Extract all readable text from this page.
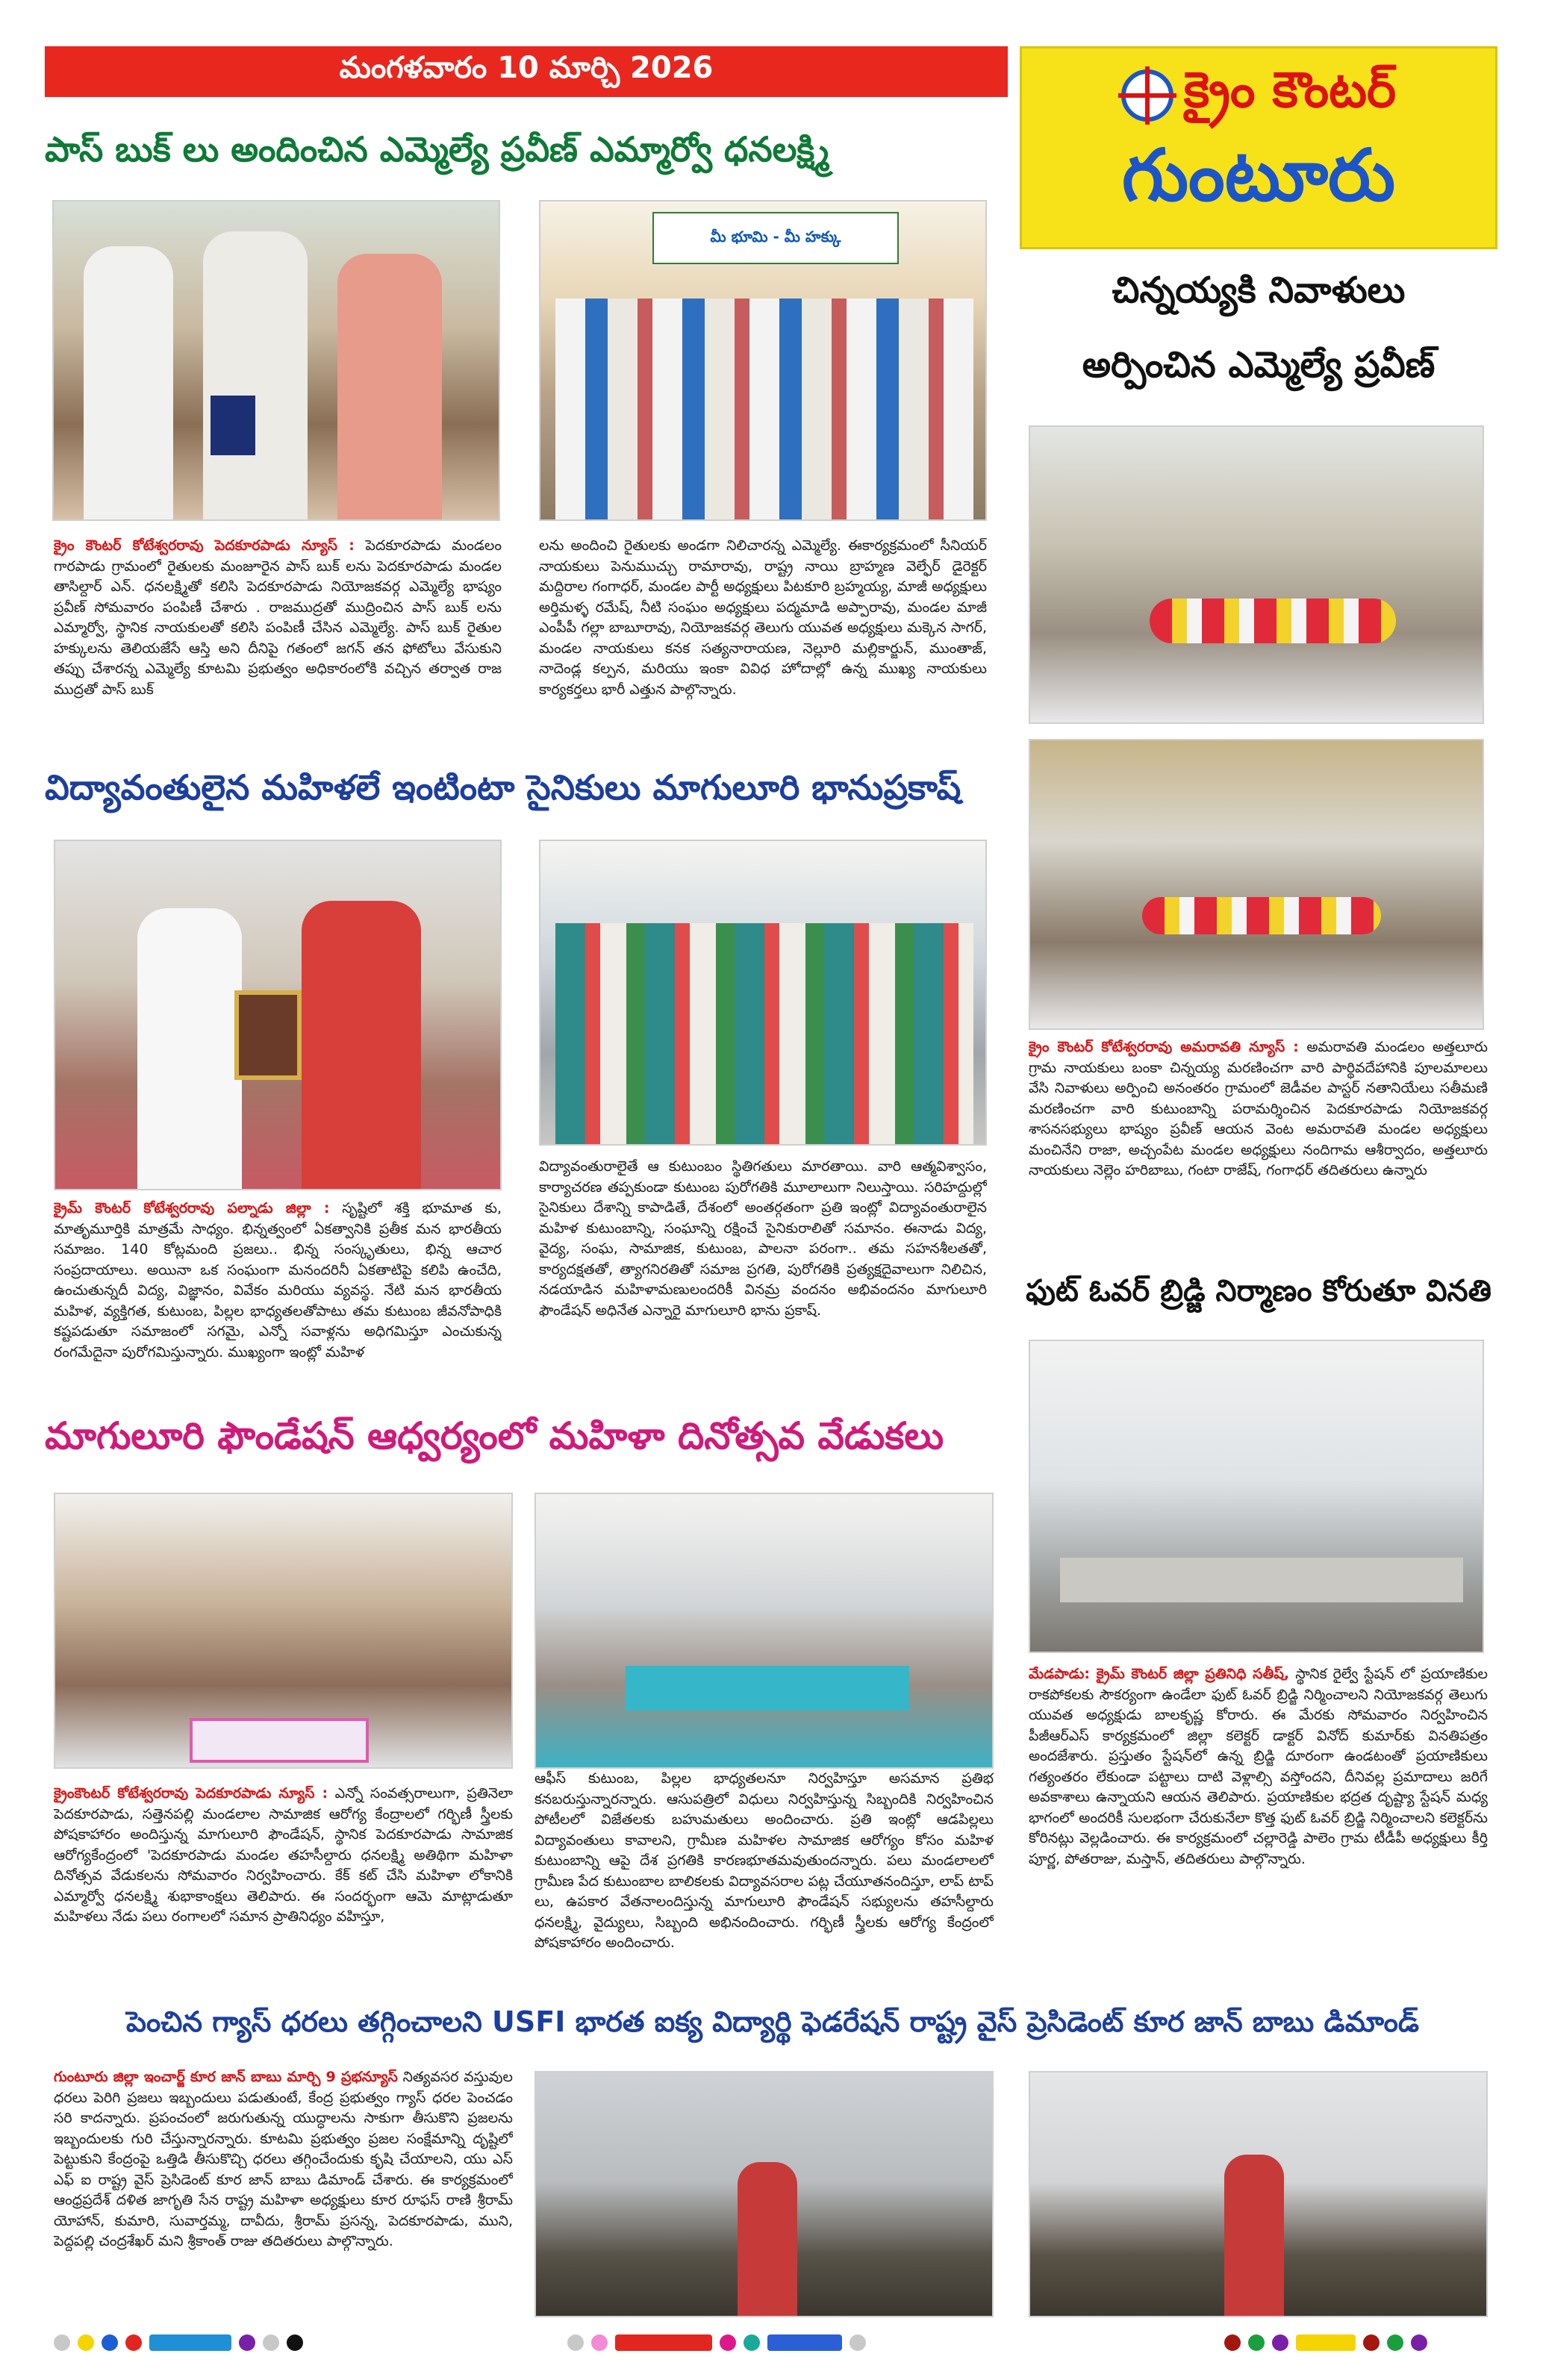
మంగళవారం 10 మార్చి 2026	క్రైం కౌంటర్
గుంటూరు
పాస్ బుక్ లు అందించిన ఎమ్మెల్యే ప్రవీణ్ ఎమ్మార్వో ధనలక్ష్మి
మీ భూమి - మీ హక్కు
క్రైం కౌంటర్ కోటేశ్వరరావు పెదకూరపాడు న్యూస్ : పెదకూరపాడు మండలం గారపాడు గ్రామంలో రైతులకు మంజూరైన పాస్ బుక్ లను పెదకూరపాడు మండల తాసిల్దార్ ఎన్. ధనలక్ష్మితో కలిసి పెదకూరపాడు నియోజకవర్గ ఎమ్మెల్యే భాష్యం ప్రవీణ్ సోమవారం పంపిణీ చేశారు . రాజముద్రతో ముద్రించిన పాస్ బుక్ లను ఎమ్మార్వో, స్థానిక నాయకులతో కలిసి పంపిణీ చేసిన ఎమ్మెల్యే. పాస్ బుక్ రైతుల హక్కులను తెలియజేసే ఆస్తి అని దీనిపై గతంలో జగన్ తన ఫోటోలు వేసుకుని తప్పు చేశారన్న ఎమ్మెల్యే కూటమి ప్రభుత్వం అధికారంలోకి వచ్చిన తర్వాత రాజ ముద్రతో పాస్ బుక్
లను అందించి రైతులకు అండగా నిలిచారన్న ఎమ్మెల్యే. ఈకార్యక్రమంలో సీనియర్ నాయకులు పెనుముచ్చు రామారావు, రాష్ట్ర నాయి బ్రాహ్మణ వెల్ఫేర్ డైరెక్టర్ మద్దిరాల గంగాధర్, మండల పార్టీ అధ్యక్షులు పిటకూరి బ్రహ్మయ్య, మాజీ అధ్యక్షులు అర్తిమళ్ళ రమేష్, నీటి సంఘం అధ్యక్షులు పద్మమాడి అప్పారావు, మండల మాజీ ఎంపీపీ గల్లా బాబూరావు, నియోజకవర్గ తెలుగు యువత అధ్యక్షులు మక్కెన సాగర్, మండల నాయకులు కనక సత్యనారాయణ, నెల్లూరి మల్లికార్జున్, ముంతాజ్, నాదెండ్ల కల్పన, మరియు ఇంకా వివిధ హోదాల్లో ఉన్న ముఖ్య నాయకులు కార్యకర్తలు భారీ ఎత్తున పాల్గొన్నారు.
చిన్నయ్యకి నివాళులు
అర్పించిన ఎమ్మెల్యే ప్రవీణ్
క్రైం కౌంటర్ కోటేశ్వరరావు అమరావతి న్యూస్ : అమరావతి మండలం అత్తలూరు గ్రామ నాయకులు బంకా చిన్నయ్య మరణించగా వారి పార్థివదేహానికి పూలమాలలు వేసి నివాళులు అర్పించి అనంతరం గ్రామంలో జెడీవల పాస్టర్ నతానియేలు సతీమణి మరణించగా వారి కుటుంబాన్ని పరామర్శించిన పెదకూరపాడు నియోజకవర్గ శాసనసభ్యులు భాష్యం ప్రవీణ్ ఆయన వెంట అమరావతి మండల అధ్యక్షులు మంచినేని రాజా, అచ్చంపేట మండల అధ్యక్షులు నందిగామ ఆశీర్వాదం, అత్తలూరు నాయకులు నెల్లెం హరిబాబు, గంటా రాజేష్, గంగాధర్ తదితరులు ఉన్నారు
విద్యావంతులైన మహిళలే ఇంటింటా సైనికులు మాగులూరి భానుప్రకాష్
క్రైమ్ కౌంటర్ కోటేశ్వరరావు పల్నాడు జిల్లా : సృష్టిలో శక్తి భూమాత కు, మాతృమూర్తికి మాత్రమే సాధ్యం. భిన్నత్వంలో ఏకత్వానికి ప్రతీక మన భారతీయ సమాజం. 140 కోట్లమంది ప్రజలు.. భిన్న సంస్కృతులు, భిన్న ఆచార సంప్రదాయాలు. అయినా ఒక సంఘంగా మనందరినీ ఏకతాటిపై కలిపి ఉంచేది, ఉంచుతున్నదీ విద్య, విజ్ఞానం, వివేకం మరియు వ్యవస్థ. నేటి మన భారతీయ మహిళ, వ్యక్తిగత, కుటుంబ, పిల్లల భాధ్యతలతోపాటు తమ కుటుంబ జీవనోపాధికి కష్టపడుతూ సమాజంలో సగమై, ఎన్నో సవాళ్లను అధిగమిస్తూ ఎంచుకున్న రంగమేదైనా పురోగమిస్తున్నారు. ముఖ్యంగా ఇంట్లో మహిళ
విద్యావంతురాలైతే ఆ కుటుంబం స్థితిగతులు మారతాయి. వారి ఆత్మవిశ్వాసం, కార్యాచరణ తప్పకుండా కుటుంబ పురోగతికి మూలాలుగా నిలుస్తాయి. సరిహద్దుల్లో సైనికులు దేశాన్ని కాపాడితే, దేశంలో అంతర్గతంగా ప్రతి ఇంట్లో విద్యావంతురాలైన మహిళ కుటుంబాన్ని, సంఘాన్ని రక్షించే సైనికురాలితో సమానం. ఈనాడు విద్య, వైద్య, సంఘ, సామాజిక, కుటుంబ, పాలనా పరంగా.. తమ సహనశీలతతో, కార్యదక్షతతో, త్యాగనిరతితో సమాజ ప్రగతి, పురోగతికి ప్రత్యక్షదైవాలుగా నిలిచిన, నడయాడిన మహిళామణులందరికీ వినమ్ర వందనం అభివందనం మాగులూరి ఫౌండేషన్ అధినేత ఎన్నారై మాగులూరి భాను ప్రకాష్.
ఫుట్ ఓవర్ బ్రిడ్జి నిర్మాణం కోరుతూ వినతి
మేడపాడు: క్రైమ్ కౌంటర్ జిల్లా ప్రతినిధి సతీష్, స్థానిక రైల్వే స్టేషన్ లో ప్రయాణికుల రాకపోకలకు సౌకర్యంగా ఉండేలా ఫుట్ ఓవర్ బ్రిడ్జి నిర్మించాలని నియోజకవర్గ తెలుగు యువత అధ్యక్షుడు బాలకృష్ణ కోరారు. ఈ మేరకు సోమవారం నిర్వహించిన పీజీఆర్ఎస్ కార్యక్రమంలో జిల్లా కలెక్టర్ డాక్టర్ వినోద్ కుమార్‌కు వినతిపత్రం అందజేశారు. ప్రస్తుతం స్టేషన్‌లో ఉన్న బ్రిడ్జి దూరంగా ఉండటంతో ప్రయాణికులు గత్యంతరం లేకుండా పట్టాలు దాటి వెళ్లాల్సి వస్తోందని, దీనివల్ల ప్రమాదాలు జరిగే అవకాశాలు ఉన్నాయని ఆయన తెలిపారు. ప్రయాణికుల భద్రత దృష్ట్యా స్టేషన్ మధ్య భాగంలో అందరికీ సులభంగా చేరుకునేలా కొత్త ఫుట్ ఓవర్ బ్రిడ్జి నిర్మించాలని కలెక్టర్‌ను కోరినట్లు వెల్లడించారు. ఈ కార్యక్రమంలో చల్లారెడ్డి పాలెం గ్రామ టీడీపీ అధ్యక్షులు కీర్తి పూర్ణ, పోతరాజు, మస్తాన్, తదితరులు పాల్గొన్నారు.
మాగులూరి ఫౌండేషన్ ఆధ్వర్యంలో మహిళా దినోత్సవ వేడుకలు
క్రైంకౌంటర్ కోటేశ్వరరావు పెదకూరపాడు న్యూస్ : ఎన్నో సంవత్సరాలుగా, ప్రతినెలా పెదకూరపాడు, సత్తెనపల్లి మండలాల సామాజిక ఆరోగ్య కేంద్రాలలో గర్భిణీ స్త్రీలకు పోషకాహారం అందిస్తున్న మాగులూరి ఫౌండేషన్, స్థానిక పెదకూరపాడు సామాజిక ఆరోగ్యకేంద్రంలో 'పెదకూరపాడు మండల తహసీల్దారు ధనలక్ష్మి అతిథిగా మహిళా దినోత్సవ వేడుకలను సోమవారం నిర్వహించారు. కేక్ కట్ చేసి మహిళా లోకానికి ఎమ్మార్వో ధనలక్ష్మి శుభాకాంక్షలు తెలిపారు. ఈ సందర్భంగా ఆమె మాట్లాడుతూ మహిళలు నేడు పలు రంగాలలో సమాన ప్రాతినిధ్యం వహిస్తూ,
ఆఫీస్ కుటుంబ, పిల్లల భాధ్యతలనూ నిర్వహిస్తూ అసమాన ప్రతిభ కనబరుస్తున్నారన్నారు. ఆసుపత్రిలో విధులు నిర్వహిస్తున్న సిబ్బందికి నిర్వహించిన పోటీలలో విజేతలకు బహుమతులు అందించారు. ప్రతి ఇంట్లో ఆడపిల్లలు విద్యావంతులు కావాలని, గ్రామీణ మహిళల సామాజిక ఆరోగ్యం కోసం మహిళ కుటుంబాన్ని ఆపై దేశ ప్రగతికి కారణభూతమవుతుందన్నారు. పలు మండలాలలో గ్రామీణ పేద కుటుంబాల బాలికలకు విద్యావసరాల పట్ల చేయూతనందిస్తూ, లాప్ టాప్ లు, ఉపకార వేతనాలందిస్తున్న మాగులూరి ఫౌండేషన్ సభ్యులను తహసీల్దారు ధనలక్ష్మి, వైద్యులు, సిబ్బంది అభినందించారు. గర్భిణీ స్త్రీలకు ఆరోగ్య కేంద్రంలో పోషకాహారం అందించారు.
పెంచిన గ్యాస్ ధరలు తగ్గించాలని USFI భారత ఐక్య విద్యార్థి ఫెడరేషన్ రాష్ట్ర వైస్ ప్రెసిడెంట్ కూర జాన్ బాబు డిమాండ్
గుంటూరు జిల్లా ఇంచార్జ్ కూర జాన్ బాబు మార్చి 9 ప్రభన్యూస్ నిత్యవసర వస్తువుల ధరలు పెరిగి ప్రజలు ఇబ్బందులు పడుతుంటే, కేంద్ర ప్రభుత్వం గ్యాస్ ధరల పెంచడం సరి కాదన్నారు. ప్రపంచంలో జరుగుతున్న యుద్ధాలను సాకుగా తీసుకొని ప్రజలను ఇబ్బందులకు గురి చేస్తున్నారన్నారు. కూటమి ప్రభుత్వం ప్రజల సంక్షేమాన్ని దృష్టిలో పెట్టుకుని కేంద్రంపై ఒత్తిడి తీసుకొచ్చి ధరలు తగ్గించేందుకు కృషి చేయాలని, యు ఎస్ ఎఫ్ ఐ రాష్ట్ర వైస్ ప్రెసిడెంట్ కూర జాన్ బాబు డిమాండ్ చేశారు. ఈ కార్యక్రమంలో ఆంధ్రప్రదేశ్ దళిత జాగృతి సేన రాష్ట్ర మహిళా అధ్యక్షులు కూర రూఫస్ రాణి శ్రీరామ్ యోహాన్, కుమారి, సువార్తమ్మ, దావీదు, శ్రీరామ్ ప్రసన్న, పెదకూరపాడు, ముని, పెద్దపల్లి చంద్రశేఖర్ మని శ్రీకాంత్ రాజు తదితరులు పాల్గొన్నారు.
